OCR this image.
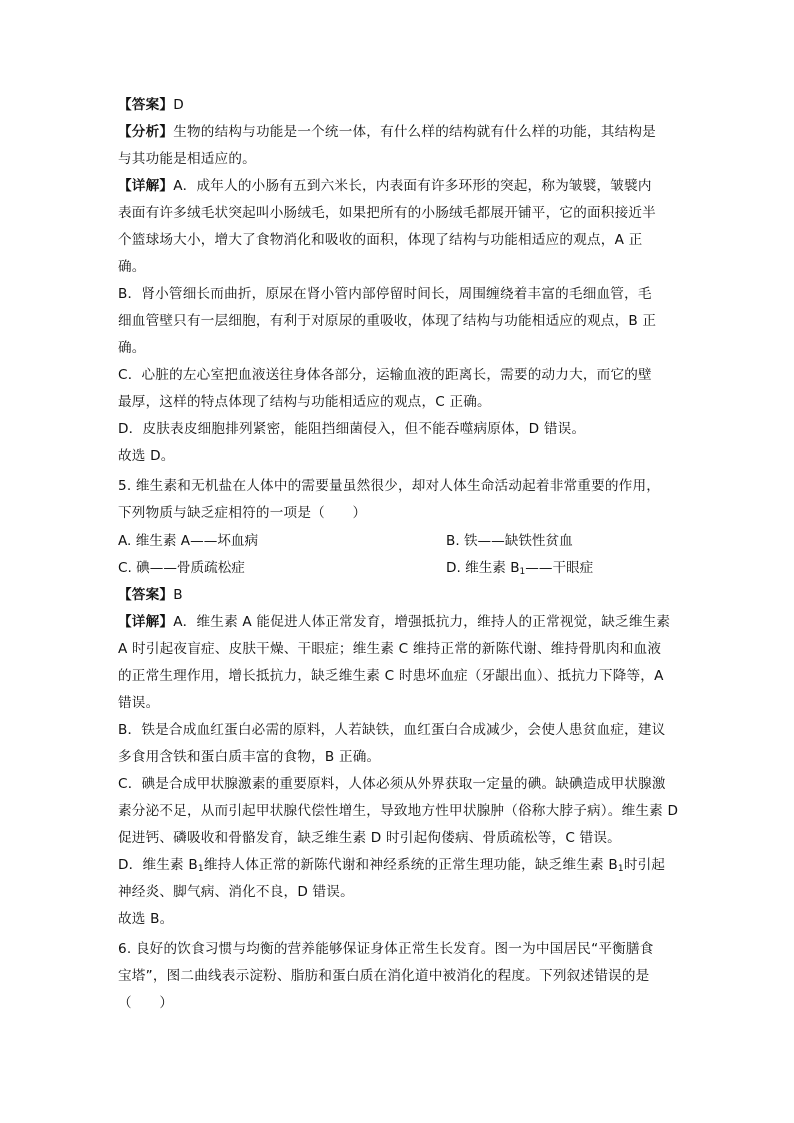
【答案】D
【分析】生物的结构与功能是一个统一体，有什么样的结构就有什么样的功能，其结构是
与其功能是相适应的。
【详解】A．成年人的小肠有五到六米长，内表面有许多环形的突起，称为皱襞，皱襞内
表面有许多绒毛状突起叫小肠绒毛，如果把所有的小肠绒毛都展开铺平，它的面积接近半
个篮球场大小，增大了食物消化和吸收的面积，体现了结构与功能相适应的观点，A 正
确。
B．肾小管细长而曲折，原尿在肾小管内部停留时间长，周围缠绕着丰富的毛细血管，毛
细血管壁只有一层细胞，有利于对原尿的重吸收，体现了结构与功能相适应的观点，B 正
确。
C．心脏的左心室把血液送往身体各部分，运输血液的距离长，需要的动力大，而它的壁
最厚，这样的特点体现了结构与功能相适应的观点，C 正确。
D．皮肤表皮细胞排列紧密，能阻挡细菌侵入，但不能吞噬病原体，D 错误。
故选 D。
5. 维生素和无机盐在人体中的需要量虽然很少，却对人体生命活动起着非常重要的作用，
下列物质与缺乏症相符的一项是（　　）
A. 维生素 A——坏血病	B. 铁——缺铁性贫血
C. 碘——骨质疏松症	D. 维生素 $B_1——$干眼症
【答案】B
【详解】A．维生素 A 能促进人体正常发育，增强抵抗力，维持人的正常视觉，缺乏维生素
A 时引起夜盲症、皮肤干燥、干眼症；维生素 C 维持正常的新陈代谢、维持骨肌肉和血液
的正常生理作用，增长抵抗力，缺乏维生素 C 时患坏血症（牙龈出血）、抵抗力下降等，A
错误。
B．铁是合成血红蛋白必需的原料，人若缺铁，血红蛋白合成减少，会使人患贫血症，建议
多食用含铁和蛋白质丰富的食物，B 正确。
C．碘是合成甲状腺激素的重要原料，人体必须从外界获取一定量的碘。缺碘造成甲状腺激
素分泌不足，从而引起甲状腺代偿性增生，导致地方性甲状腺肿（俗称大脖子病）。维生素 D
促进钙、磷吸收和骨骼发育，缺乏维生素 D 时引起佝偻病、骨质疏松等，C 错误。
D．维生素 $B_1$维持人体正常的新陈代谢和神经系统的正常生理功能，缺乏维生素 $B_1$时引起
神经炎、脚气病、消化不良，D 错误。
故选 B。
6. 良好的饮食习惯与均衡的营养能够保证身体正常生长发育。图一为中国居民“平衡膳食
宝塔”，图二曲线表示淀粉、脂肪和蛋白质在消化道中被消化的程度。下列叙述错误的是
（　　）
